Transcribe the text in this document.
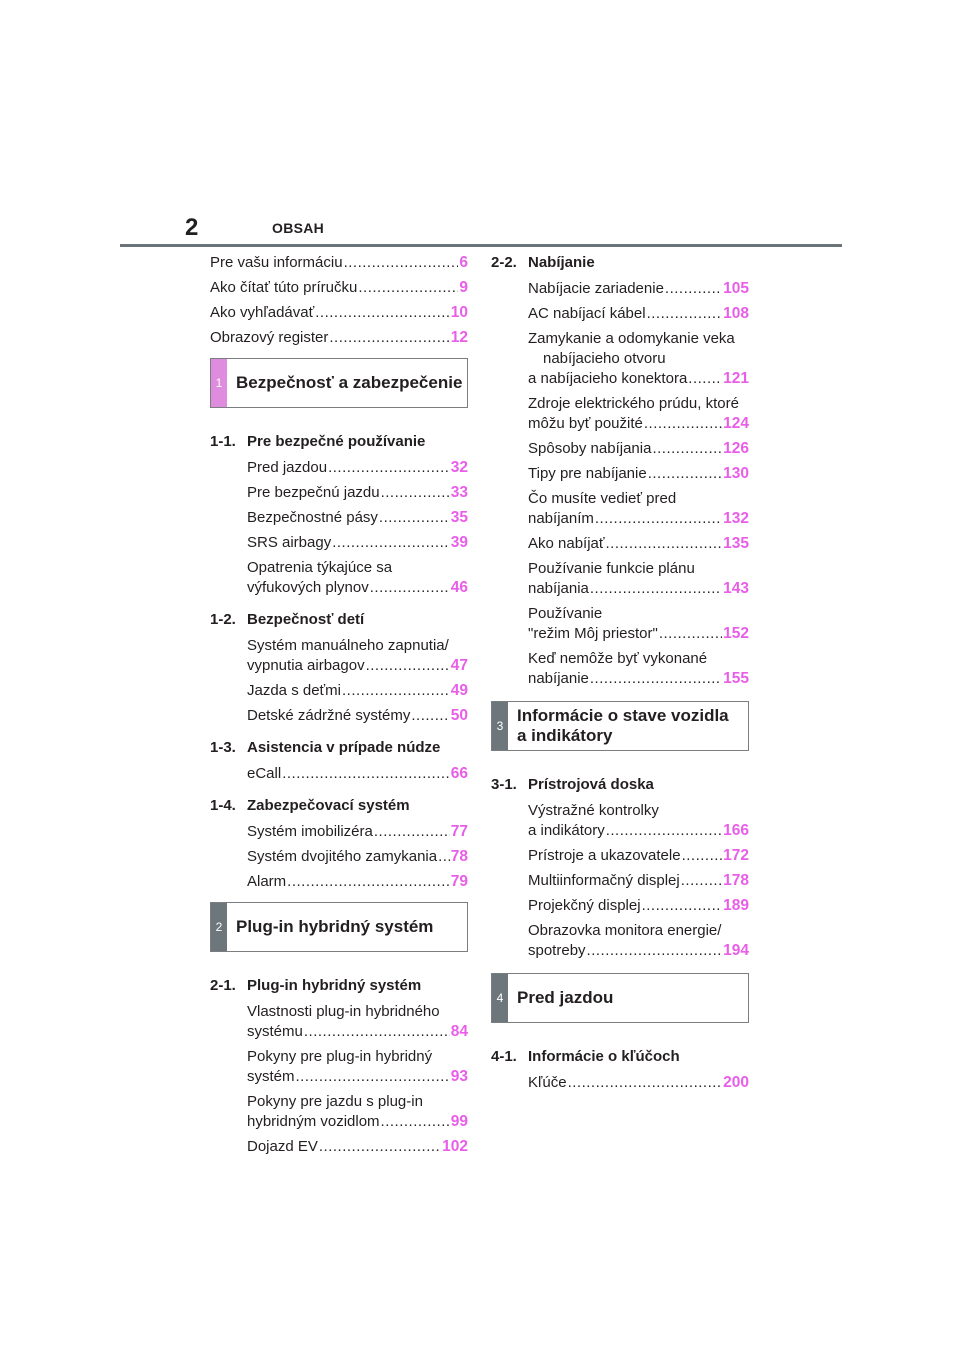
2	OBSAH
Pre vašu informáciu .....	6
Ako čítať túto príručku .....	9
Ako vyhľadávať .....	10
Obrazový register .....	12
1 Bezpečnosť a zabezpečenie
1-1. Pre bezpečné používanie
Pred jazdou .....	32
Pre bezpečnú jazdu .....	33
Bezpečnostné pásy .....	35
SRS airbagy .....	39
Opatrenia týkajúce sa
výfukových plynov .....	46
1-2. Bezpečnosť detí
Systém manuálneho zapnutia/
vypnutia airbagov .....	47
Jazda s deťmi .....	49
Detské zádržné systémy .....	50
1-3. Asistencia v prípade núdze
eCall .....	66
1-4. Zabezpečovací systém
Systém imobilizéra .....	77
Systém dvojitého zamykania ..... 78
Alarm .....	79
2 Plug-in hybridný systém
2-1. Plug-in hybridný systém
Vlastnosti plug-in hybridného
systému .....	84
Pokyny pre plug-in hybridný
systém .....	93
Pokyny pre jazdu s plug-in
hybridným vozidlom .....	99
Dojazd EV .....	102
2-2. Nabíjanie
Nabíjacie zariadenie .....	105
AC nabíjací kábel .....	108
Zamykanie a odomykanie veka
nabíjacieho otvoru
a nabíjacieho konektora ..... 121
Zdroje elektrického prúdu, ktoré
môžu byť použité .....	124
Spôsoby nabíjania .....	126
Tipy pre nabíjanie .....	130
Čo musíte vedieť pred
nabíjaním .....	132
Ako nabíjať .....	135
Používanie funkcie plánu
nabíjania .....	143
Používanie
"režim Môj priestor" .....	152
Keď nemôže byť vykonané
nabíjanie .....	155
3
Informácie o stave vozidla
a indikátory
3-1. Prístrojová doska
Výstražné kontrolky
a indikátory .....	166
Prístroje a ukazovatele .....	172
Multiinformačný displej .....	178
Projekčný displej .....	189
Obrazovka monitora energie/
spotreby .....	194
4 Pred jazdou
4-1. Informácie o kľúčoch
Kľúče .....	200
